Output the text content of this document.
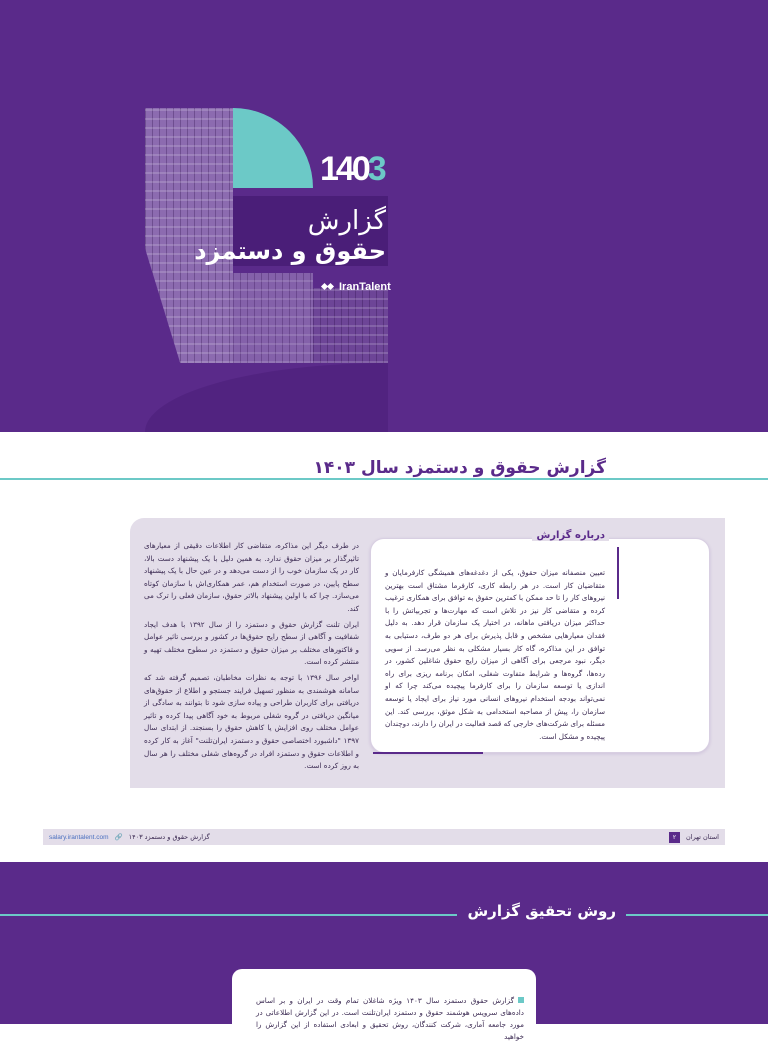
1403
گزارش
حقوق و دستمزد
IranTalent
گزارش حقوق و دستمزد سال ۱۴۰۳

در طرف دیگر این مذاکره، متقاضی کار اطلاعات دقیقی از معیارهای تاثیرگذار بر میزان حقوق ندارد. به همین دلیل با یک پیشنهاد دست بالا، کار در یک سازمان خوب را از دست می‌دهد و در عین حال با یک پیشنهاد سطح پایین، در صورت استخدام هم، عمر همکاری‌اش با سازمان کوتاه می‌سازد. چرا که با اولین پیشنهاد بالاتر حقوق، سازمان فعلی را ترک می کند.

ایران تلنت گزارش حقوق و دستمزد را از سال ۱۳۹۲ با هدف ایجاد شفافیت و آگاهی از سطح رایج حقوق‌ها در کشور و بررسی تاثیر عوامل و فاکتورهای مختلف بر میزان حقوق و دستمزد در سطوح مختلف تهیه و منتشر کرده است.

اواخر سال ۱۳۹۶ با توجه به نظرات مخاطبان، تصمیم گرفته شد که سامانه هوشمندی به منظور تسهیل فرایند جستجو و اطلاع از حقوق‌های دریافتی برای کاربران طراحی و پیاده سازی شود تا بتوانند به سادگی از میانگین دریافتی در گروه شغلی مربوط به خود آگاهی پیدا کرده و تاثیر عوامل مختلف روی افزایش یا کاهش حقوق را بسنجند. از ابتدای سال ۱۳۹۷ "داشبورد اختصاصی حقوق و دستمزد ایران‌تلنت" آغاز به کار کرده و اطلاعات حقوق و دستمزد افراد در گروه‌های شغلی مختلف را هر سال به روز کرده است.

درباره گزارش
تعیین منصفانه میزان حقوق، یکی از دغدغه‌های همیشگی کارفرمایان و متقاضیان کار است. در هر رابطه کاری، کارفرما مشتاق است بهترین نیروهای کار را تا حد ممکن با کمترین حقوق به توافق برای همکاری ترغیب کرده و متقاضی کار نیز در تلاش است که مهارت‌ها و تجربیاتش را با حداکثر میزان دریافتی ماهانه، در اختیار یک سازمان قرار دهد. به دلیل فقدان معیارهایی مشخص و قابل پذیرش برای هر دو طرف، دستیابی به توافق در این مذاکره، گاه کار بسیار مشکلی به نظر می‌رسد. از سویی دیگر، نبود مرجعی برای آگاهی از میزان رایج حقوق شاغلین کشور، در رده‌ها، گروه‌ها و شرایط متفاوت شغلی، امکان برنامه ریزی برای راه اندازی یا توسعه سازمان را برای کارفرما پیچیده می‌کند چرا که او نمی‌تواند بودجه استخدام نیروهای انسانی مورد نیاز برای ایجاد یا توسعه سازمان را، پیش از مصاحبه استخدامی به شکل موثق، بررسی کند. این مسئله برای شرکت‌های خارجی که قصد فعالیت در ایران را دارند، دوچندان پیچیده و مشکل است.
گزارش حقوق و دستمزد ۱۴۰۳
🔗
salary.irantalent.com	استان تهران
۲
روش تحقیق گزارش
گزارش حقوق دستمزد سال ۱۴۰۳ ویژه شاغلان تمام وقت در ایران و بر اساس داده‌های سرویس هوشمند حقوق و دستمزد ایران‌تلنت است. در این گزارش اطلاعاتی در مورد جامعه آماری، شرکت کنندگان، روش تحقیق و ابعادی استفاده از این گزارش را خواهید
